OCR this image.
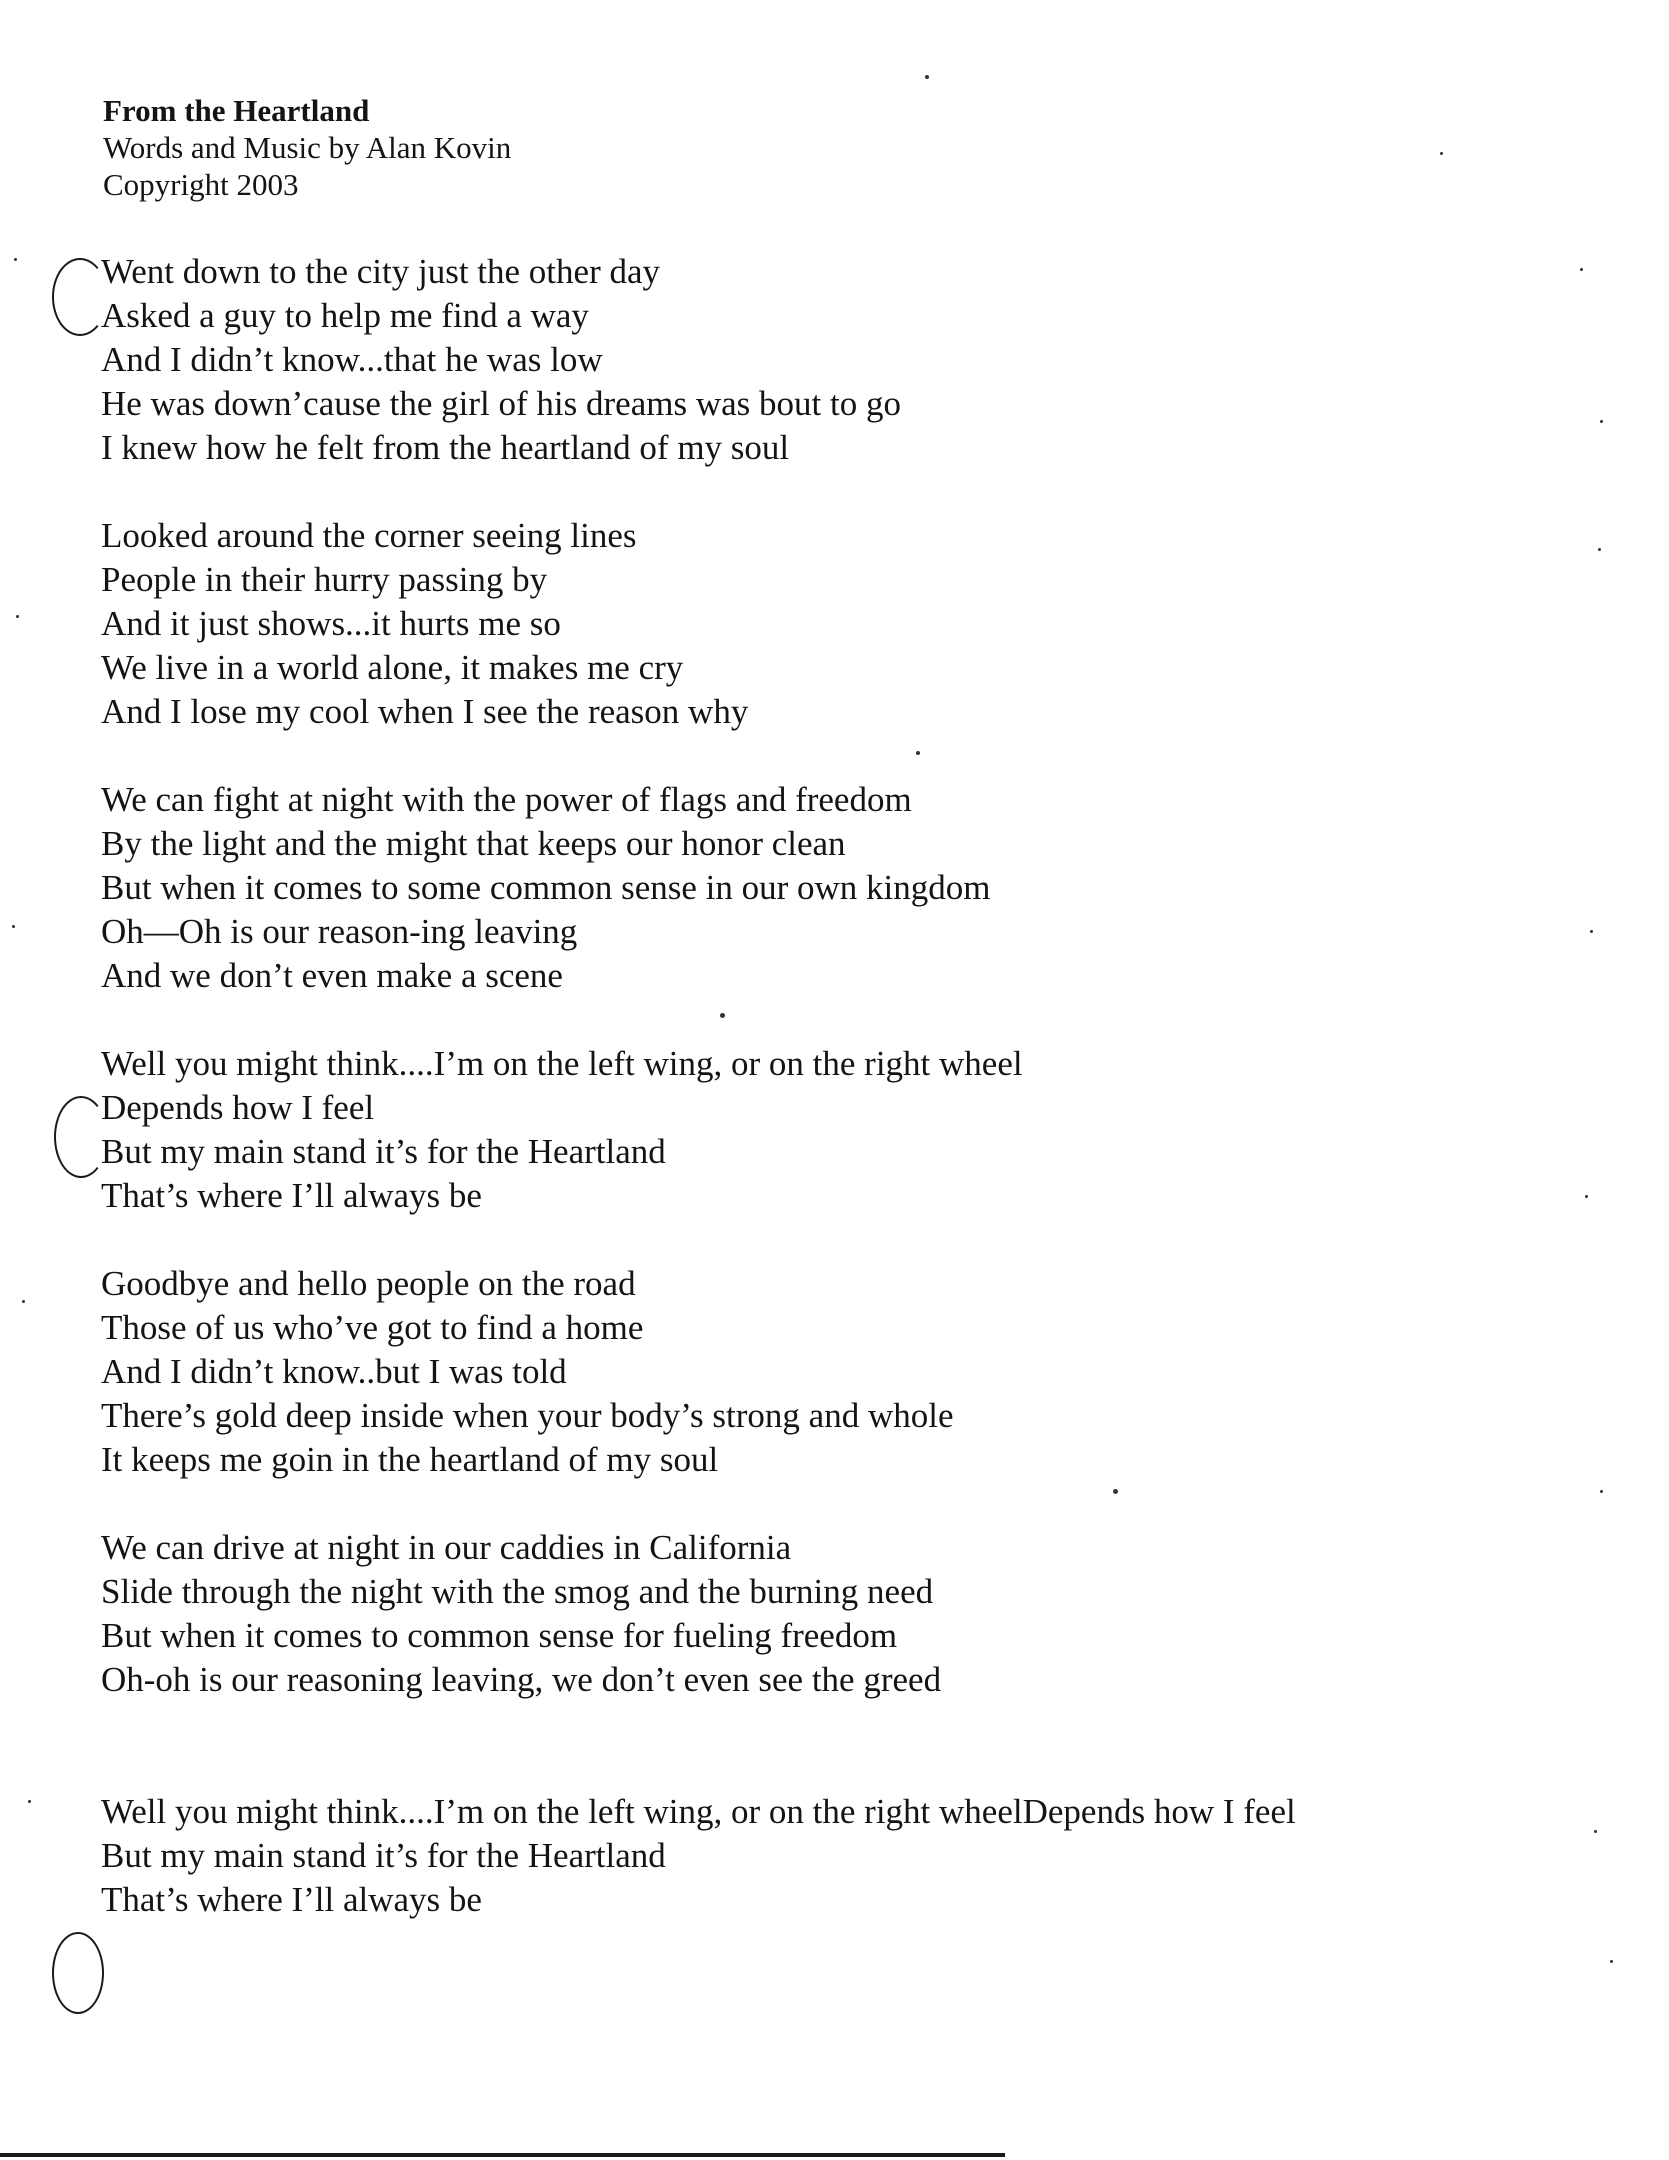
From the Heartland
Words and Music by Alan Kovin
Copyright 2003
Went down to the city just the other day
Asked a guy to help me find a way
And I didn’t know...that he was low
He was down’cause the girl of his dreams was bout to go
I knew how he felt from the heartland of my soul
Looked around the corner seeing lines
People in their hurry passing by
And it just shows...it hurts me so
We live in a world alone, it makes me cry
And I lose my cool when I see the reason why
We can fight at night with the power of flags and freedom
By the light and the might that keeps our honor clean
But when it comes to some common sense in our own kingdom
Oh—Oh is our reason-ing leaving
And we don’t even make a scene
Well you might think....I’m on the left wing, or on the right wheel
Depends how I feel
But my main stand it’s for the Heartland
That’s where I’ll always be
Goodbye and hello people on the road
Those of us who’ve got to find a home
And I didn’t know..but I was told
There’s gold deep inside when your body’s strong and whole
It keeps me goin in the heartland of my soul
We can drive at night in our caddies in California
Slide through the night with the smog and the burning need
But when it comes to common sense for fueling freedom
Oh-oh is our reasoning leaving, we don’t even see the greed
Well you might think....I’m on the left wing, or on the right wheelDepends how I feel
But my main stand it’s for the Heartland
That’s where I’ll always be
